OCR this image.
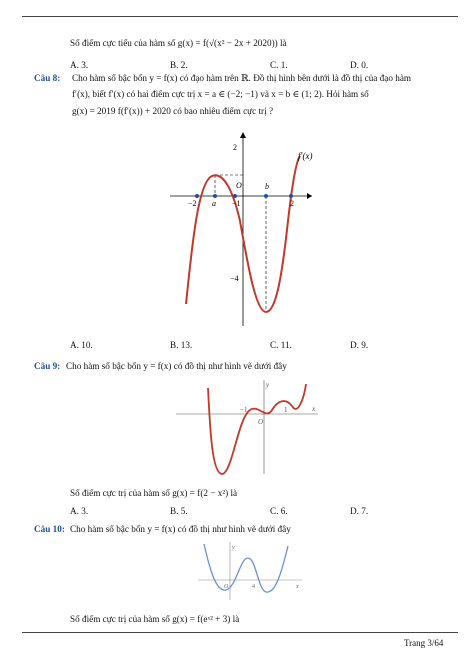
Số điểm cực tiểu của hàm số g(x) = f(√(x² − 2x + 2020)) là
A. 3.	B. 2.	C. 1.	D. 0.
Câu 8: Cho hàm số bậc bốn y = f(x) có đạo hàm trên ℝ. Đồ thị hình bên dưới là đồ thị của đạo hàm
f′(x), biết f′(x) có hai điểm cực trị x = a ∈ (−2; −1) và x = b ∈ (1; 2). Hỏi hàm số
g(x) = 2019 f(f′(x)) + 2020 có bao nhiêu điểm cực trị ?
f′(x)
2
−4
−2 a −1
O	b
2
A. 10.	B. 13.	C. 11.	D. 9.
Câu 9: Cho hàm số bậc bốn y = f(x) có đồ thị như hình vẽ dưới đây
y
x
−1
O
1
Số điểm cực trị của hàm số g(x) = f(2 − x²) là
A. 3.	B. 5.	C. 6.	D. 7.
Câu 10: Cho hàm số bậc bốn y = f(x) có đồ thị như hình vẽ dưới đây
y
x
O	4
Số điểm cực trị của hàm số g(x) = f(eˣ² + 3) là
Trang 3/64
